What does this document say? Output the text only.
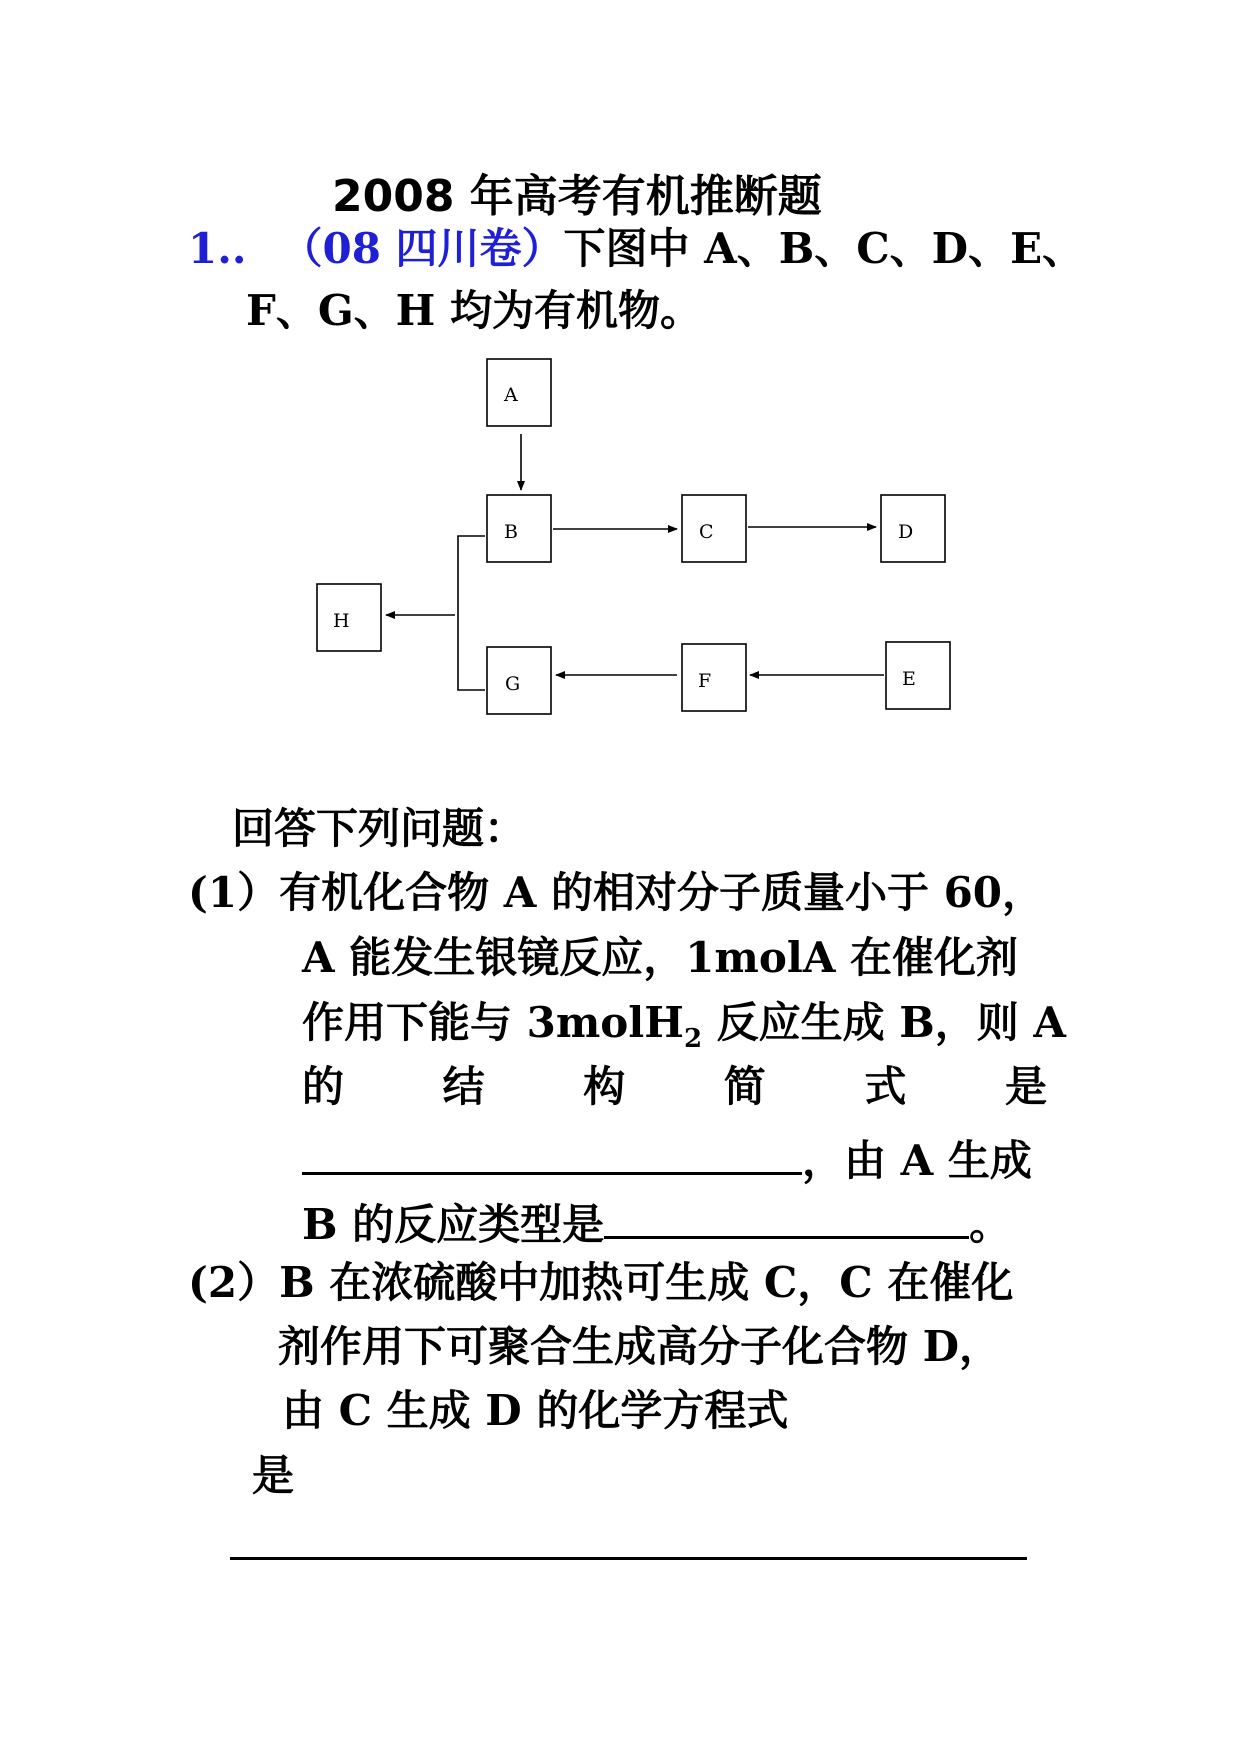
2008 年高考有机推断题
1.. （08 四川卷）下图中 A、B、C、D、E、
F、G、H 均为有机物。
A
B	C	D
H
G	F	E
回答下列问题：
(1）有机化合物 A 的相对分子质量小于 60，
A 能发生银镜反应，1molA 在催化剂
作用下能与 3molH$_2$ 反应生成 B，则 A
的 结 构 简 式 是
，由 A 生成
B 的反应类型是	。
(2）B 在浓硫酸中加热可生成 C，C 在催化
剂作用下可聚合生成高分子化合物 D，
由 C 生成 D 的化学方程式
是
